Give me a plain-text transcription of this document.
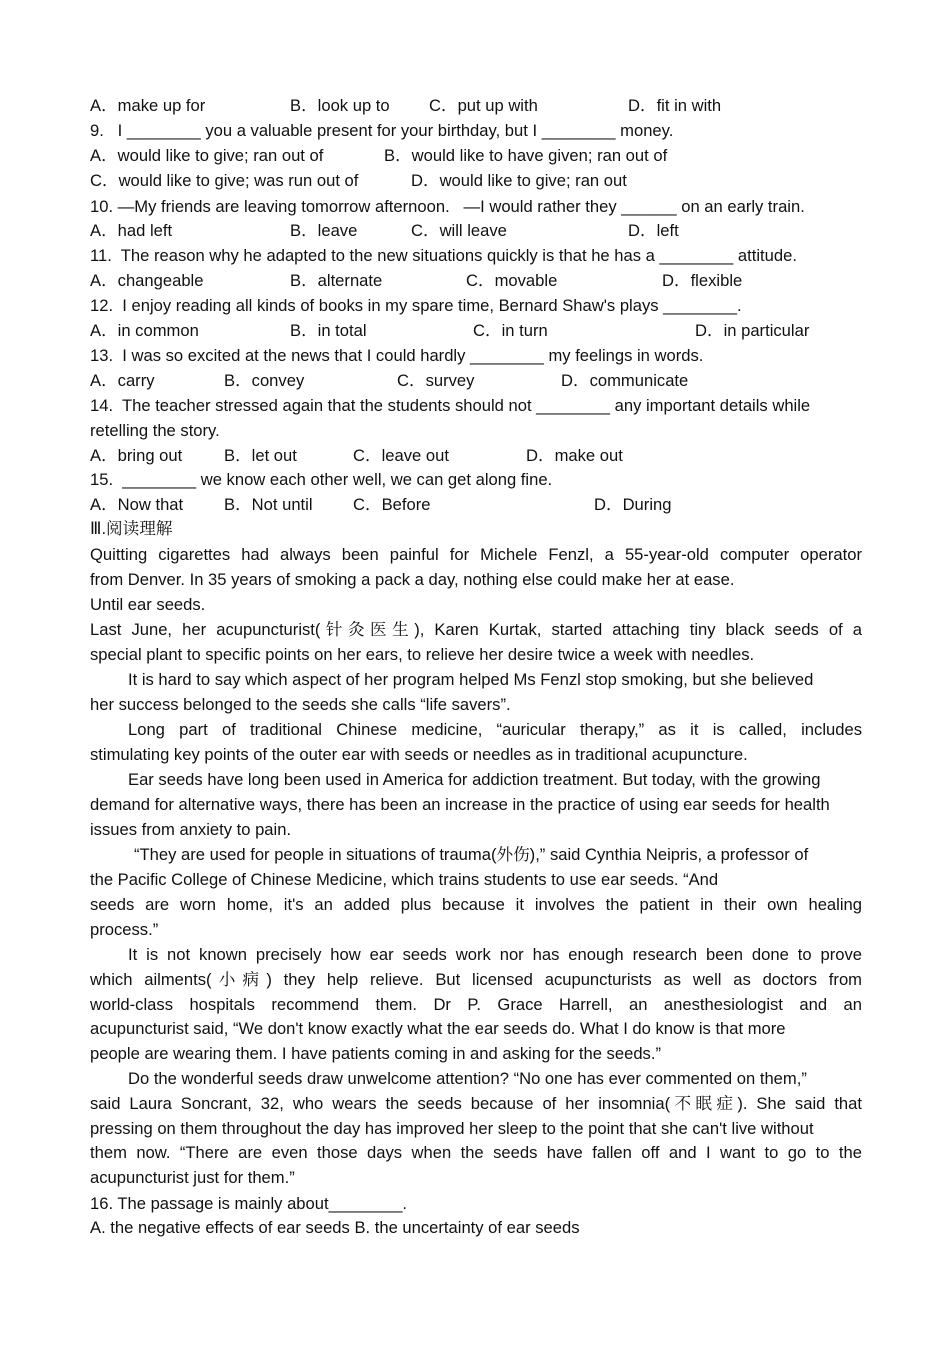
A．make up for	B．look up to C．put up with	D．fit in with
9.   I ________ you a valuable present for your birthday, but I ________ money.
A．would like to give; ran out of	B．would like to have given; ran out of
C．would like to give; was run out of	D．would like to give; ran out
10. —My friends are leaving tomorrow afternoon.   —I would rather they ______ on an early train.
A．had left	B．leave	C．will leave	D．left
11.  The reason why he adapted to the new situations quickly is that he has a ________ attitude.
A．changeable	B．alternate	C．movable	D．flexible
12.  I enjoy reading all kinds of books in my spare time, Bernard Shaw's plays ________.
A．in common	B．in total	C．in turn	D．in particular
13.  I was so excited at the news that I could hardly ________ my feelings in words.
A．carry	B．convey	C．survey	D．communicate
14.  The teacher stressed again that the students should not ________ any important details while
retelling the story.
A．bring out	B．let out	C．leave out	D．make out
15.  ________ we know each other well, we can get along fine.
A．Now that B．Not until C．Before	D．During
Ⅲ.阅读理解
Quitting cigarettes had always been painful for Michele Fenzl, a 55-year-old computer operator
from Denver. In 35 years of smoking a pack a day, nothing else could make her at ease.
Until ear seeds.
Last June, her acupuncturist(针灸医生), Karen Kurtak, started attaching tiny black seeds of a
special plant to specific points on her ears, to relieve her desire twice a week with needles.
It is hard to say which aspect of her program helped Ms Fenzl stop smoking, but she believed
her success belonged to the seeds she calls “life savers”.
Long part of traditional Chinese medicine, “auricular therapy,” as it is called, includes
stimulating key points of the outer ear with seeds or needles as in traditional acupuncture.
Ear seeds have long been used in America for addiction treatment. But today, with the growing
demand for alternative ways, there has been an increase in the practice of using ear seeds for health
issues from anxiety to pain.
“They are used for people in situations of trauma(外伤),” said Cynthia Neipris, a professor of
the Pacific College of Chinese Medicine, which trains students to use ear seeds. “And
seeds are worn home, it's an added plus because it involves the patient in their own healing
process.”
It is not known precisely how ear seeds work nor has enough research been done to prove
which ailments(小病) they help relieve. But licensed acupuncturists as well as doctors from
world-class hospitals recommend them. Dr P. Grace Harrell, an anesthesiologist and an
acupuncturist said, “We don't know exactly what the ear seeds do. What I do know is that more
people are wearing them. I have patients coming in and asking for the seeds.”
Do the wonderful seeds draw unwelcome attention? “No one has ever commented on them,”
said Laura Soncrant, 32, who wears the seeds because of her insomnia(不眠症). She said that
pressing on them throughout the day has improved her sleep to the point that she can't live without
them now. “There are even those days when the seeds have fallen off and I want to go to the
acupuncturist just for them.”
16. The passage is mainly about________.
A. the negative effects of ear seeds B. the uncertainty of ear seeds
